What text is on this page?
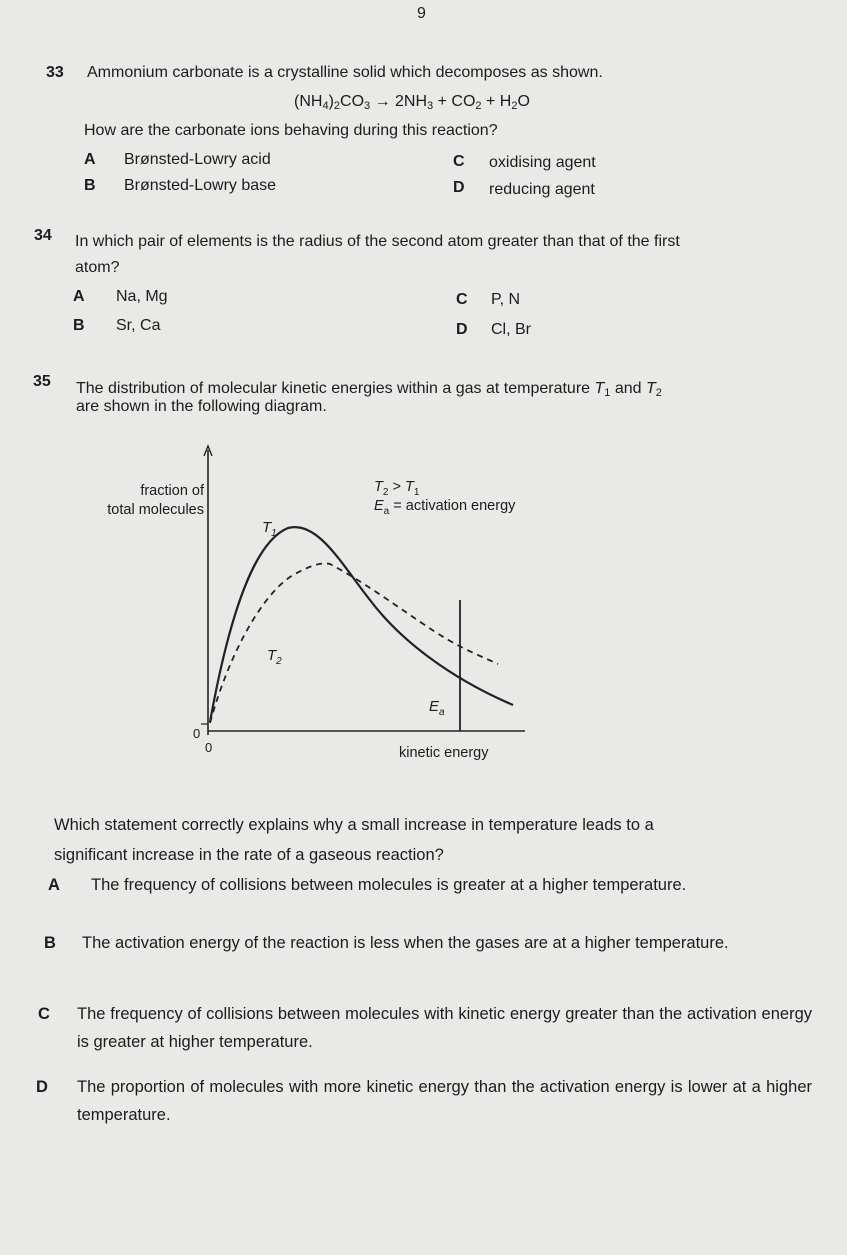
9
33 Ammonium carbonate is a crystalline solid which decomposes as shown.
$(NH_4)_2CO_3 \to 2NH_3 + CO_2 + H_2O$
How are the carbonate ions behaving during this reaction?
A Brønsted-Lowry acid
B Brønsted-Lowry base
C oxidising agent
D reducing agent
34 In which pair of elements is the radius of the second atom greater than that of the first
atom?
A Na, Mg
B Sr, Ca
C P, N
D Cl, Br
35 The distribution of molecular kinetic energies within a gas at temperature $T_1$ and $T_2$
are shown in the following diagram.
fraction of
total molecules
0
0	kinetic energy
$T_1$
$T_2$
$E_a$
$T_2 > T_1$
$E_a$ = activation energy
Which statement correctly explains why a small increase in temperature leads to a
significant increase in the rate of a gaseous reaction?
A The frequency of collisions between molecules is greater at a higher temperature.
B The activation energy of the reaction is less when the gases are at a higher temperature.
C The frequency of collisions between molecules with kinetic energy greater than the activation energy is greater at higher temperature.
D The proportion of molecules with more kinetic energy than the activation energy is lower at a higher temperature.
